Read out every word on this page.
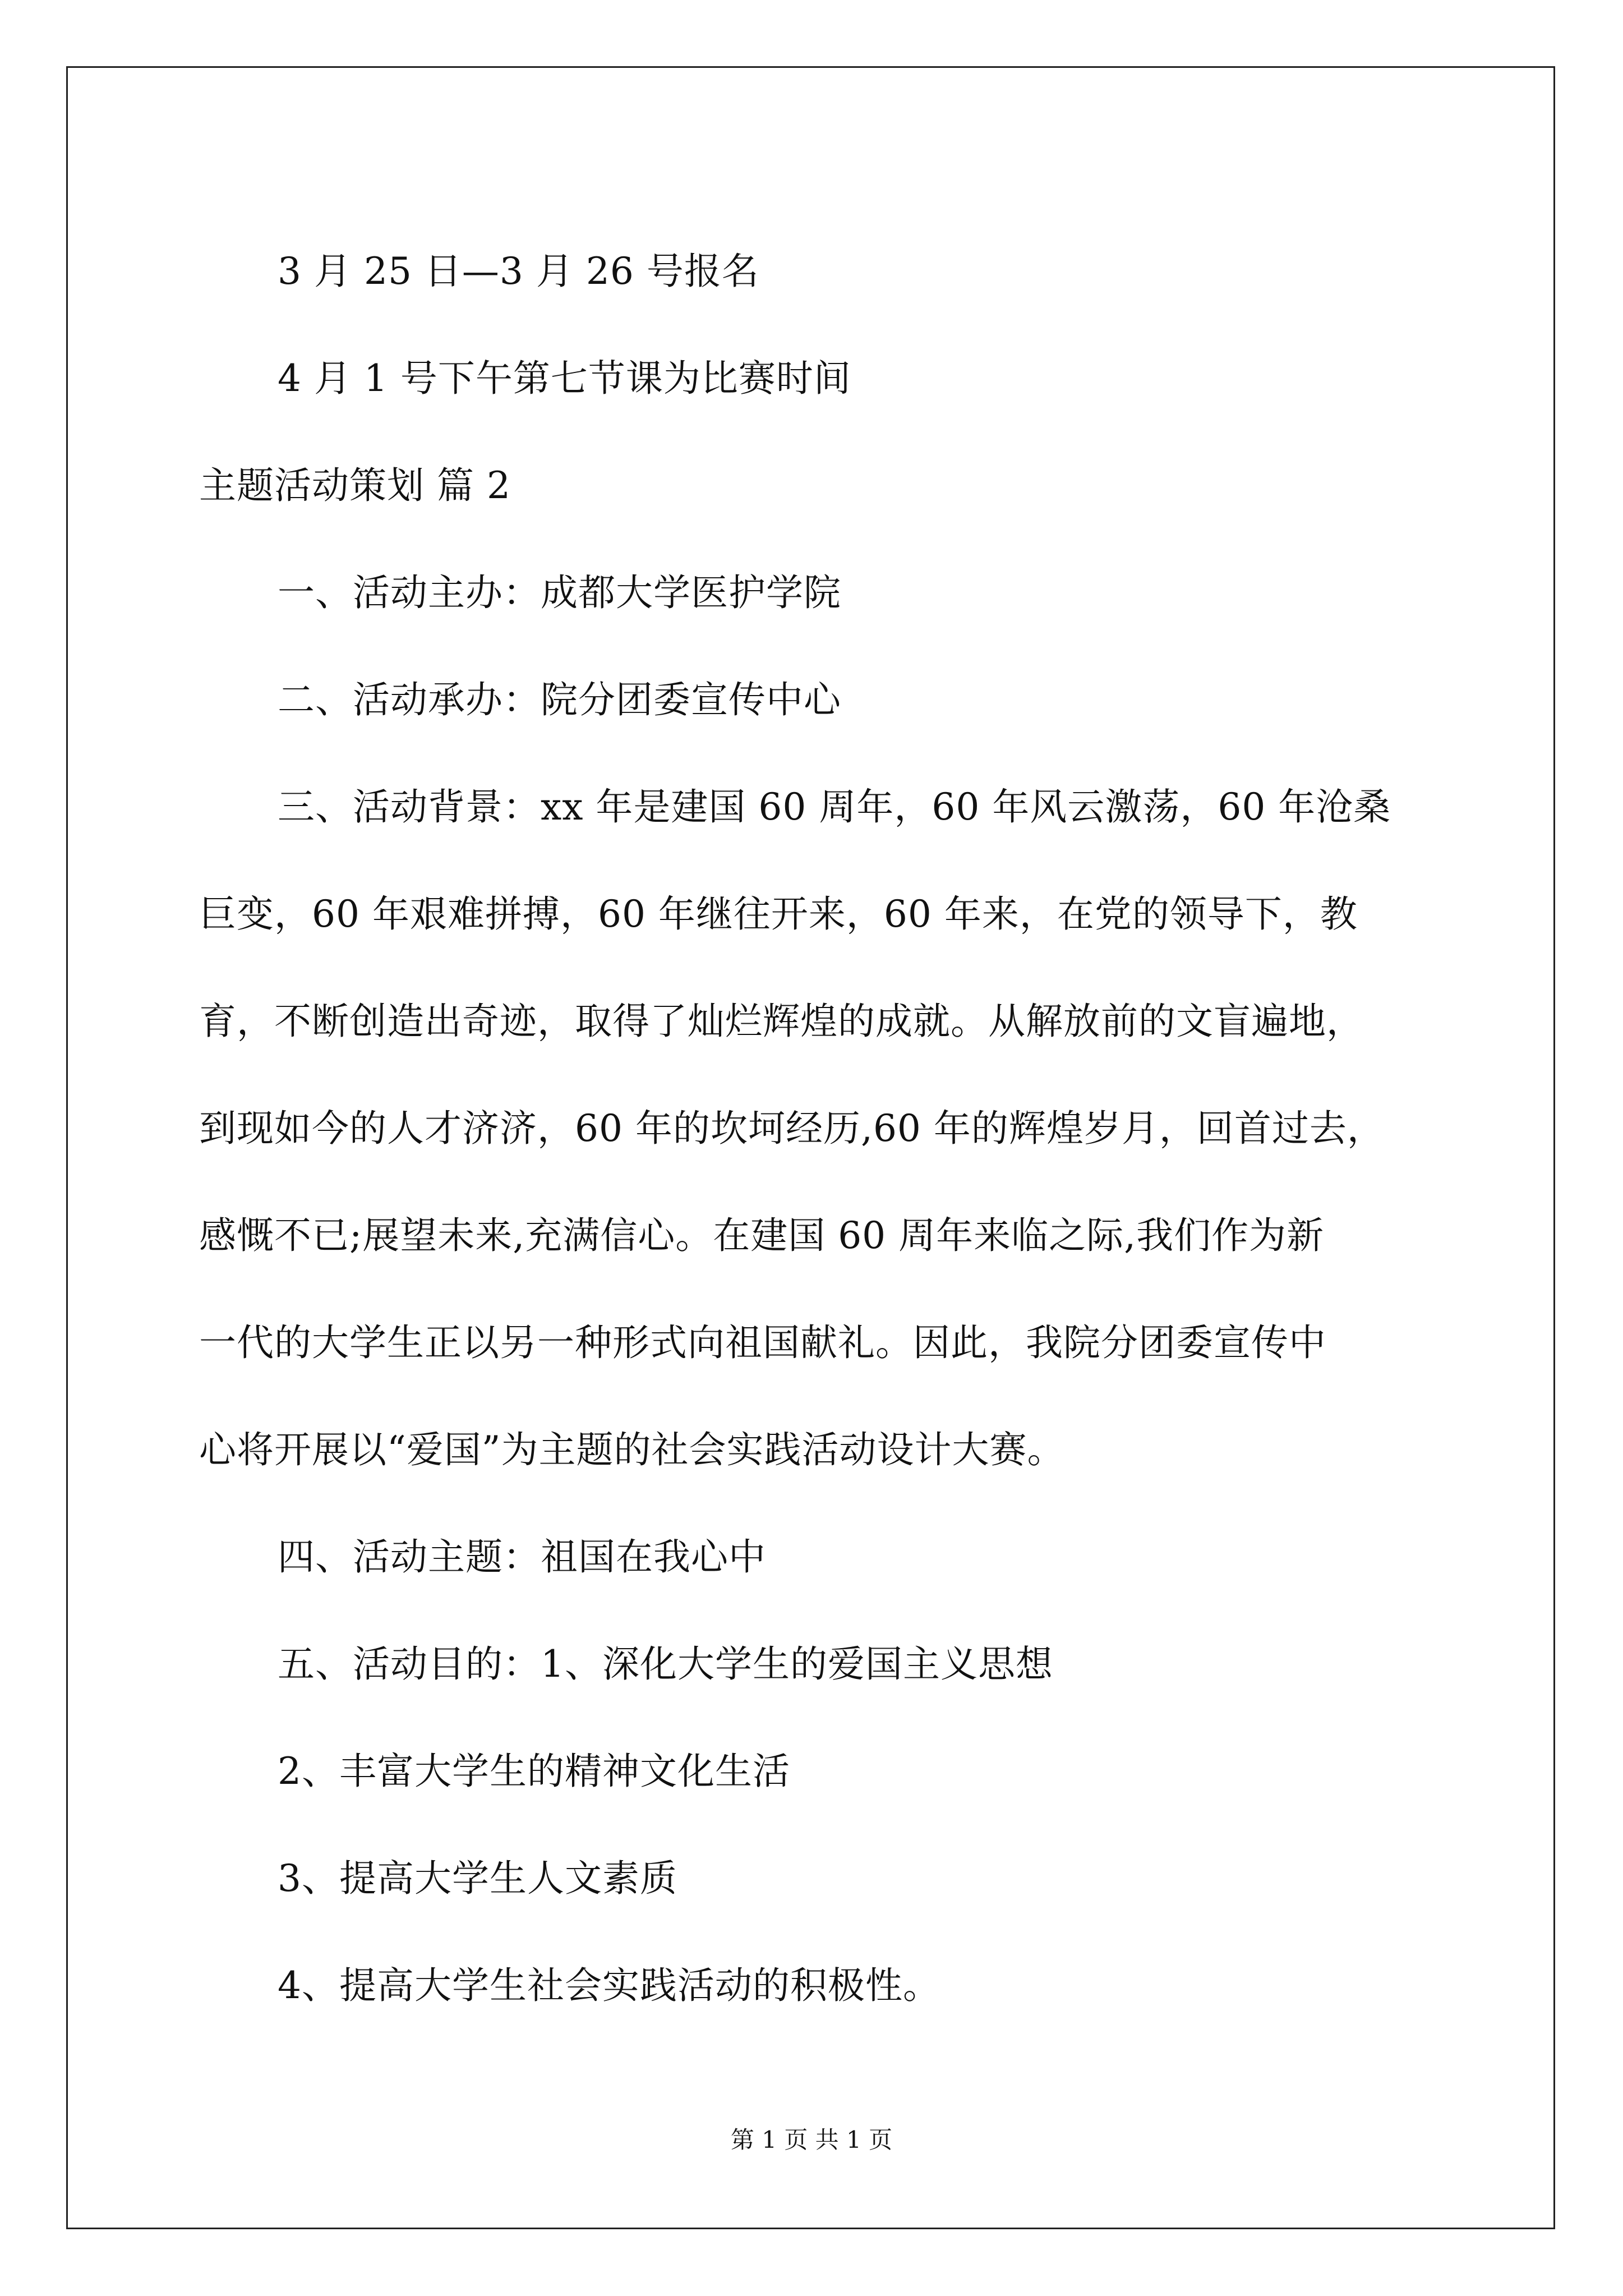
3 月 25 日—3 月 26 号报名
4 月 1 号下午第七节课为比赛时间
主题活动策划 篇 2
一、活动主办：成都大学医护学院
二、活动承办：院分团委宣传中心
三、活动背景：xx 年是建国 60 周年，60 年风云激荡，60 年沧桑
巨变，60 年艰难拼搏，60 年继往开来，60 年来，在党的领导下，教
育，不断创造出奇迹，取得了灿烂辉煌的成就。从解放前的文盲遍地，
到现如今的人才济济，60 年的坎坷经历,60 年的辉煌岁月，回首过去，
感慨不已;展望未来,充满信心。在建国 60 周年来临之际,我们作为新
一代的大学生正以另一种形式向祖国献礼。因此，我院分团委宣传中
心将开展以“爱国”为主题的社会实践活动设计大赛。
四、活动主题：祖国在我心中
五、活动目的：1、深化大学生的爱国主义思想
2、丰富大学生的精神文化生活
3、提高大学生人文素质
4、提高大学生社会实践活动的积极性。
第 1 页 共 1 页
